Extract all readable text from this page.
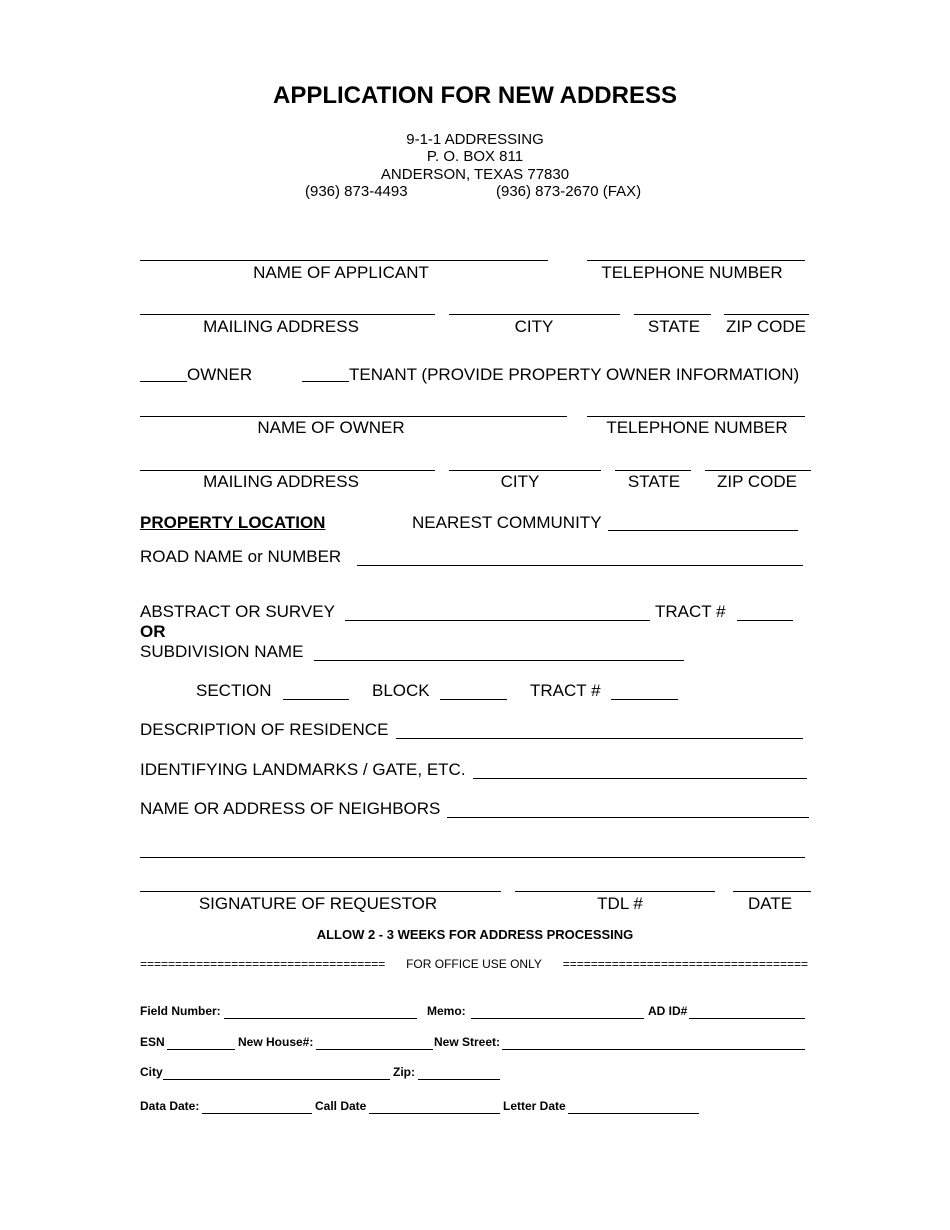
APPLICATION FOR NEW ADDRESS
9-1-1 ADDRESSING
P. O. BOX 811
ANDERSON, TEXAS 77830
(936) 873-4493	(936) 873-2670 (FAX)
NAME OF APPLICANT	TELEPHONE NUMBER
MAILING ADDRESS	CITY	STATE ZIP CODE
OWNER	TENANT (PROVIDE PROPERTY OWNER INFORMATION)
NAME OF OWNER	TELEPHONE NUMBER
MAILING ADDRESS	CITY	STATE ZIP CODE
PROPERTY LOCATION	NEAREST COMMUNITY
ROAD NAME or NUMBER
ABSTRACT OR SURVEY	TRACT #
OR
SUBDIVISION NAME
SECTION	BLOCK	TRACT #
DESCRIPTION OF RESIDENCE
IDENTIFYING LANDMARKS / GATE, ETC.
NAME OR ADDRESS OF NEIGHBORS
SIGNATURE OF REQUESTOR	TDL #	DATE
ALLOW 2 - 3 WEEKS FOR ADDRESS PROCESSING
===================================	FOR OFFICE USE ONLY	===================================
Field Number:	Memo:	AD ID#
ESN	New House#:	New Street:
City	Zip:
Data Date:	Call Date	Letter Date
